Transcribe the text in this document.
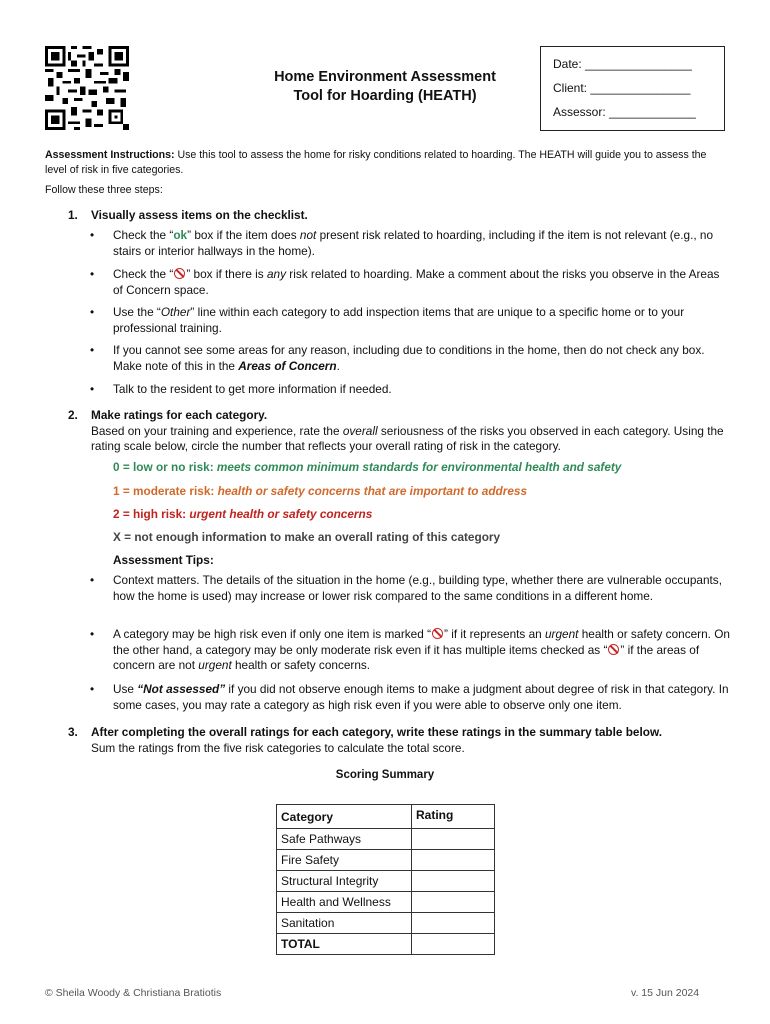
Home Environment Assessment
Tool for Hoarding (HEATH)
Date: ________________
Client: _______________
Assessor: _____________
Assessment Instructions: Use this tool to assess the home for risky conditions related to hoarding. The HEATH will guide you to assess the level of risk in five categories.
Follow these three steps:
1. Visually assess items on the checklist.
• Check the “ok” box if the item does not present risk related to hoarding, including if the item is not relevant (e.g., no stairs or interior hallways in the home).
• Check the “ ” box if there is any risk related to hoarding. Make a comment about the risks you observe in the Areas of Concern space.
• Use the “Other” line within each category to add inspection items that are unique to a specific home or to your professional training.
• If you cannot see some areas for any reason, including due to conditions in the home, then do not check any box. Make note of this in the Areas of Concern.
• Talk to the resident to get more information if needed.
2. Make ratings for each category.
Based on your training and experience, rate the overall seriousness of the risks you observed in each category. Using the rating scale below, circle the number that reflects your overall rating of risk in the category.
0 = low or no risk: meets common minimum standards for environmental health and safety
1 = moderate risk: health or safety concerns that are important to address
2 = high risk: urgent health or safety concerns
X = not enough information to make an overall rating of this category
Assessment Tips:
• Context matters. The details of the situation in the home (e.g., building type, whether there are vulnerable occupants, how the home is used) may increase or lower risk compared to the same conditions in a different home.
• A category may be high risk even if only one item is marked “ ” if it represents an urgent health or safety concern. On the other hand, a category may be only moderate risk even if it has multiple items checked as “ ” if the areas of concern are not urgent health or safety concerns.
• Use “Not assessed” if you did not observe enough items to make a judgment about degree of risk in that category. In some cases, you may rate a category as high risk even if you were able to observe only one item.
3. After completing the overall ratings for each category, write these ratings in the summary table below.
Sum the ratings from the five risk categories to calculate the total score.
Scoring Summary
Category	Rating
Safe Pathways	
Fire Safety	
Structural Integrity	
Health and Wellness	
Sanitation	
TOTAL	
© Sheila Woody & Christiana Bratiotis	v. 15 Jun 2024
